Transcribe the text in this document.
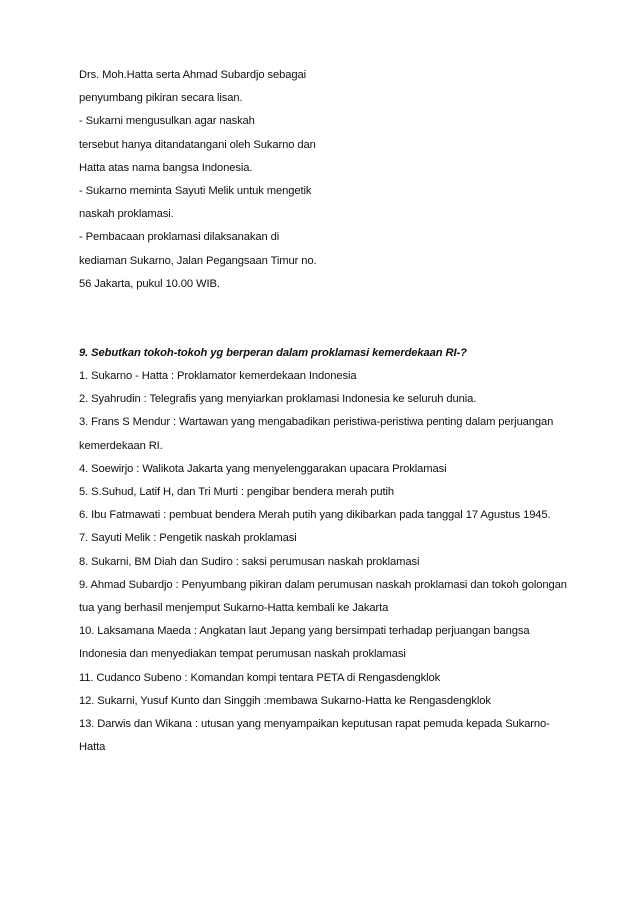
Drs. Moh.Hatta serta Ahmad Subardjo sebagai
penyumbang pikiran secara lisan.
- Sukarni mengusulkan agar naskah
tersebut hanya ditandatangani oleh Sukarno dan
Hatta atas nama bangsa Indonesia.
- Sukarno meminta Sayuti Melik untuk mengetik
naskah proklamasi.
- Pembacaan proklamasi dilaksanakan di
kediaman Sukarno, Jalan Pegangsaan Timur no.
56 Jakarta, pukul 10.00 WIB.
9. Sebutkan tokoh-tokoh yg berperan dalam proklamasi kemerdekaan RI-?
1. Sukarno - Hatta : Proklamator kemerdekaan Indonesia
2. Syahrudin : Telegrafis yang menyiarkan proklamasi Indonesia ke seluruh dunia.
3. Frans S Mendur : Wartawan yang mengabadikan peristiwa-peristiwa penting dalam perjuangan
kemerdekaan RI.
4. Soewirjo : Walikota Jakarta yang menyelenggarakan upacara Proklamasi
5. S.Suhud, Latif H, dan Tri Murti : pengibar bendera merah putih
6. Ibu Fatmawati : pembuat bendera Merah putih yang dikibarkan pada tanggal 17 Agustus 1945.
7. Sayuti Melik : Pengetik naskah proklamasi
8. Sukarni, BM Diah dan Sudiro : saksi perumusan naskah proklamasi
9. Ahmad Subardjo : Penyumbang pikiran dalam perumusan naskah proklamasi dan tokoh golongan
tua yang berhasil menjemput Sukarno-Hatta kembali ke Jakarta
10. Laksamana Maeda : Angkatan laut Jepang yang bersimpati terhadap perjuangan bangsa
Indonesia dan menyediakan tempat perumusan naskah proklamasi
11. Cudanco Subeno : Komandan kompi tentara PETA di Rengasdengklok
12. Sukarni, Yusuf Kunto dan Singgih :membawa Sukarno-Hatta ke Rengasdengklok
13. Darwis dan Wikana : utusan yang menyampaikan keputusan rapat pemuda kepada Sukarno-
Hatta
